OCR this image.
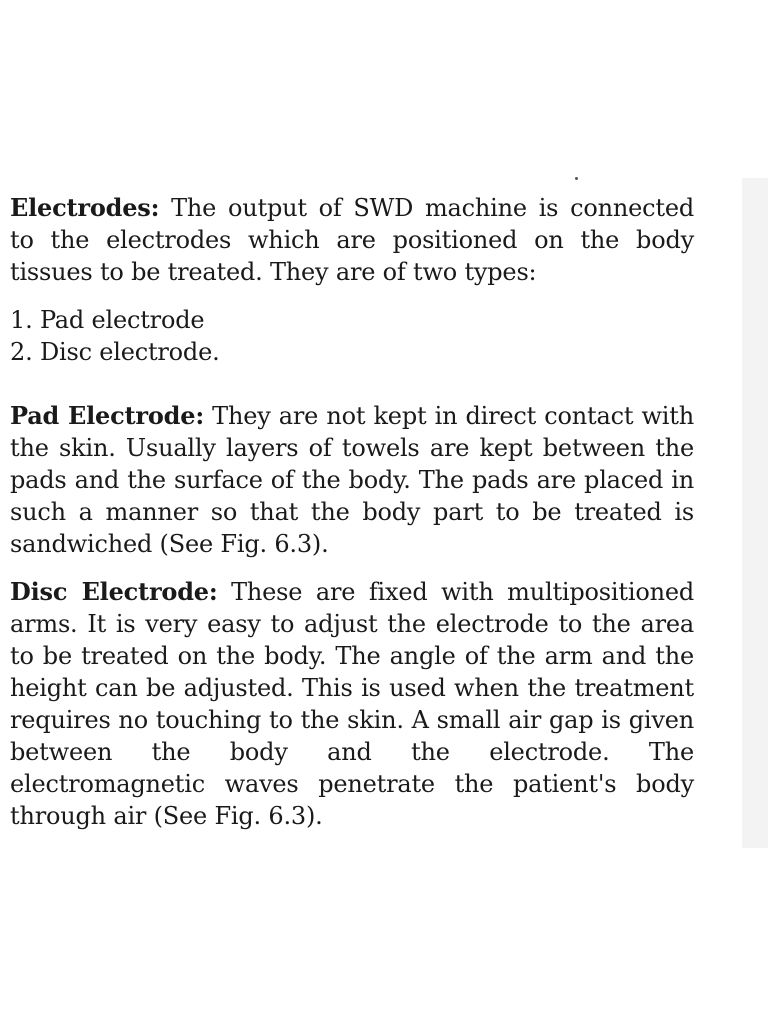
Electrodes: The output of SWD machine is connected to the electrodes which are positioned on the body tissues to be treated. They are of two types:

1. Pad electrode
2. Disc electrode.

Pad Electrode: They are not kept in direct contact with the skin. Usually layers of towels are kept between the pads and the surface of the body. The pads are placed in such a manner so that the body part to be treated is sandwiched (See Fig. 6.3).

Disc Electrode: These are fixed with multipositioned arms. It is very easy to adjust the electrode to the area to be treated on the body. The angle of the arm and the height can be adjusted. This is used when the treatment requires no touching to the skin. A small air gap is given between the body and the electrode. The electromagnetic waves penetrate the patient's body through air (See Fig. 6.3).
